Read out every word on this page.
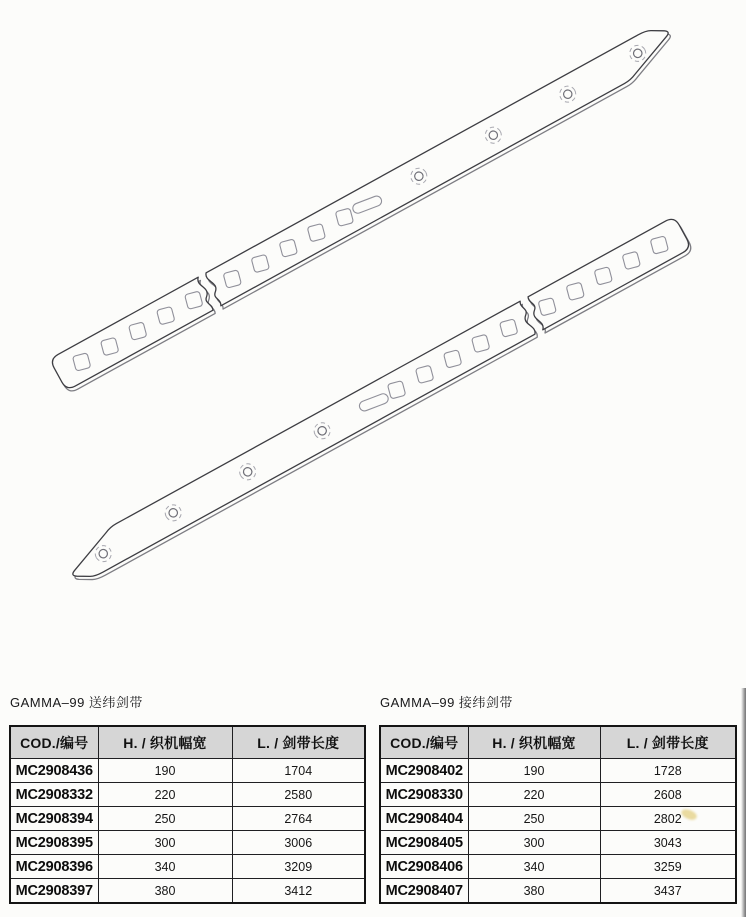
GAMMA–99 送纬剑带
COD./编号	H. / 织机幅宽	L. / 剑带长度
MC2908436	190	1704
MC2908332	220	2580
MC2908394	250	2764
MC2908395	300	3006
MC2908396	340	3209
MC2908397	380	3412
GAMMA–99 接纬剑带
COD./编号	H. / 织机幅宽	L. / 剑带长度
MC2908402	190	1728
MC2908330	220	2608
MC2908404	250	2802
MC2908405	300	3043
MC2908406	340	3259
MC2908407	380	3437
